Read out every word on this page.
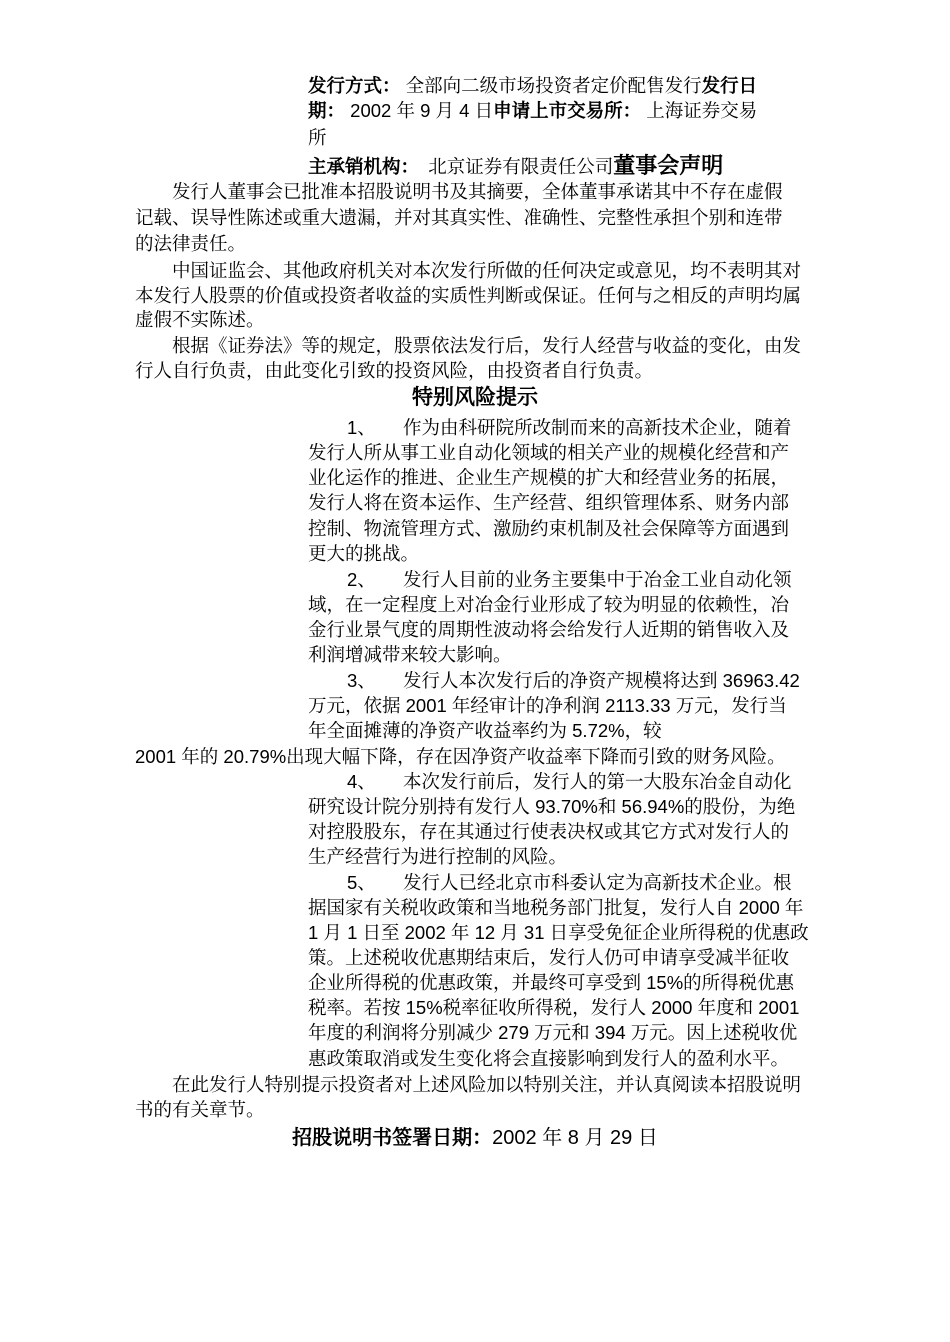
发行方式： 全部向二级市场投资者定价配售发行发行日
期： 2002 年 9 月 4 日申请上市交易所： 上海证券交易
所
主承销机构：　北京证券有限责任公司董事会声明
发行人董事会已批准本招股说明书及其摘要，全体董事承诺其中不存在虚假
记载、误导性陈述或重大遗漏，并对其真实性、准确性、完整性承担个别和连带
的法律责任。
中国证监会、其他政府机关对本次发行所做的任何决定或意见，均不表明其对
本发行人股票的价值或投资者收益的实质性判断或保证。任何与之相反的声明均属
虚假不实陈述。
根据《证券法》等的规定，股票依法发行后，发行人经营与收益的变化，由发
行人自行负责，由此变化引致的投资风险，由投资者自行负责。
特别风险提示
1、 作为由科研院所改制而来的高新技术企业，随着
发行人所从事工业自动化领域的相关产业的规模化经营和产
业化运作的推进、企业生产规模的扩大和经营业务的拓展，
发行人将在资本运作、生产经营、组织管理体系、财务内部
控制、物流管理方式、激励约束机制及社会保障等方面遇到
更大的挑战。
2、 发行人目前的业务主要集中于冶金工业自动化领
域，在一定程度上对冶金行业形成了较为明显的依赖性，冶
金行业景气度的周期性波动将会给发行人近期的销售收入及
利润增减带来较大影响。
3、 发行人本次发行后的净资产规模将达到 36963.42
万元，依据 2001 年经审计的净利润 2113.33 万元，发行当
年全面摊薄的净资产收益率约为 5.72%，较
2001 年的 20.79%出现大幅下降，存在因净资产收益率下降而引致的财务风险。
4、 本次发行前后，发行人的第一大股东冶金自动化
研究设计院分别持有发行人 93.70%和 56.94%的股份，为绝
对控股股东，存在其通过行使表决权或其它方式对发行人的
生产经营行为进行控制的风险。
5、 发行人已经北京市科委认定为高新技术企业。根
据国家有关税收政策和当地税务部门批复，发行人自 2000 年
1 月 1 日至 2002 年 12 月 31 日享受免征企业所得税的优惠政
策。上述税收优惠期结束后，发行人仍可申请享受减半征收
企业所得税的优惠政策，并最终可享受到 15%的所得税优惠
税率。若按 15%税率征收所得税，发行人 2000 年度和 2001
年度的利润将分别减少 279 万元和 394 万元。因上述税收优
惠政策取消或发生变化将会直接影响到发行人的盈利水平。
在此发行人特别提示投资者对上述风险加以特别关注，并认真阅读本招股说明
书的有关章节。
招股说明书签署日期：2002 年 8 月 29 日
